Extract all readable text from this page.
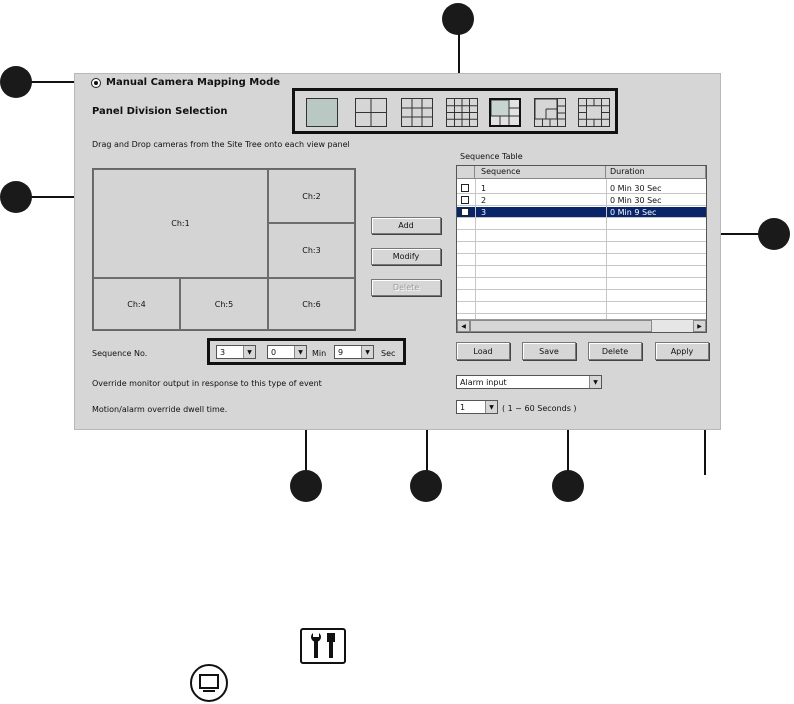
Manual Camera Mapping Mode
Panel Division Selection
Drag and Drop cameras from the Site Tree onto each view panel
Ch:1
Ch:2
Ch:3
Ch:4	Ch:5	Ch:6
Add
Modify
Delete
Sequence No.	3	▼	0	▼	Min 9	▼	Sec
Override monitor output in response to this type of event
Motion/alarm override dwell time.
Sequence Table
Sequence	Duration
1	0 Min 30 Sec
2	0 Min 30 Sec
3	0 Min 9 Sec
◀	▶
Load	Save	Delete	Apply
Alarm input	▼
1	▼	( 1 ~ 60 Seconds )
